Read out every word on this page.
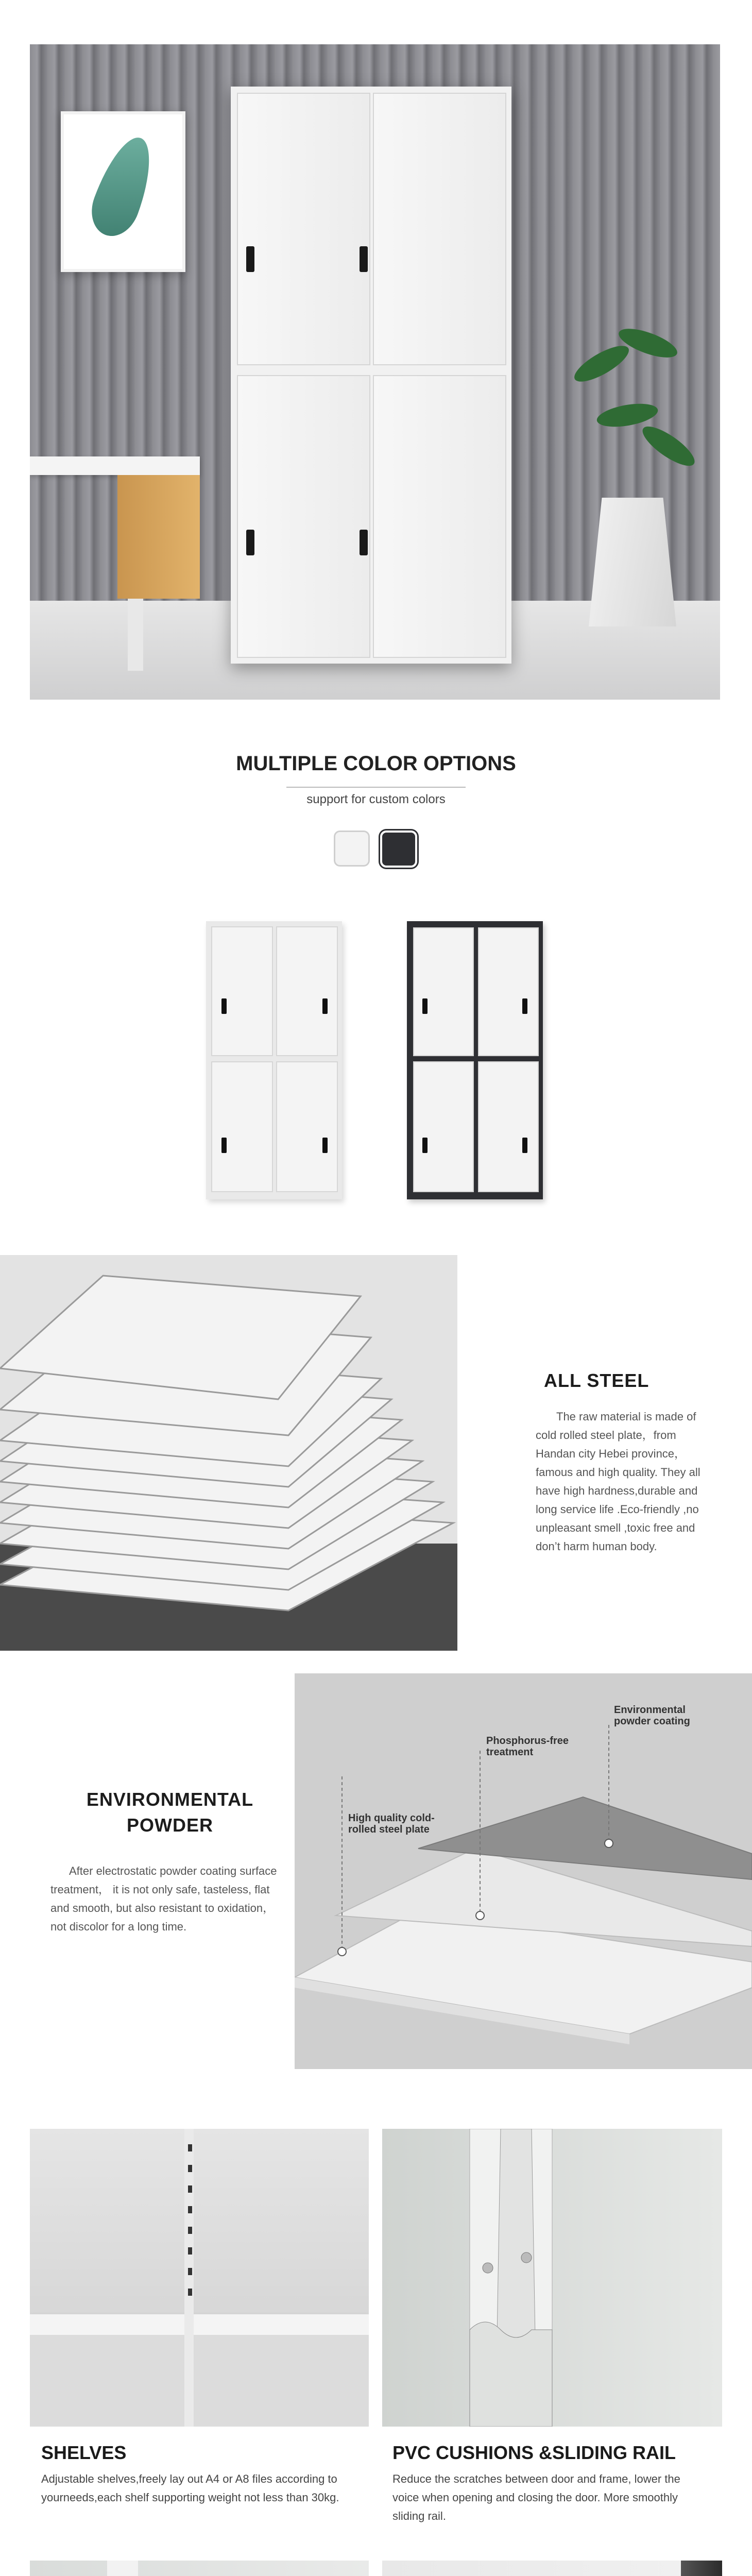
MULTIPLE COLOR OPTIONS
support for custom colors
ALL STEEL
The raw material is made of cold rolled steel plate，from Handan city Hebei province，famous and high quality. They all have high hardness,durable and long service life .Eco-friendly ,no unpleasant smell ,toxic free and don’t harm human body.
ENVIRONMENTAL
POWDER
After electrostatic powder coating surface treatment， it is not only safe, tasteless, flat and smooth, but also resistant to oxidation，not discolor for a long time.
Environmental powder coating
Phosphorus-free treatment
High quality cold-rolled steel plate
SHELVES
Adjustable shelves,freely lay out A4 or A8 files according to yourneeds,each shelf supporting weight not less than 30kg.
PVC CUSHIONS &SLIDING RAIL
Reduce the scratches between door and frame, lower the voice when opening and closing the door. More smoothly sliding rail.
